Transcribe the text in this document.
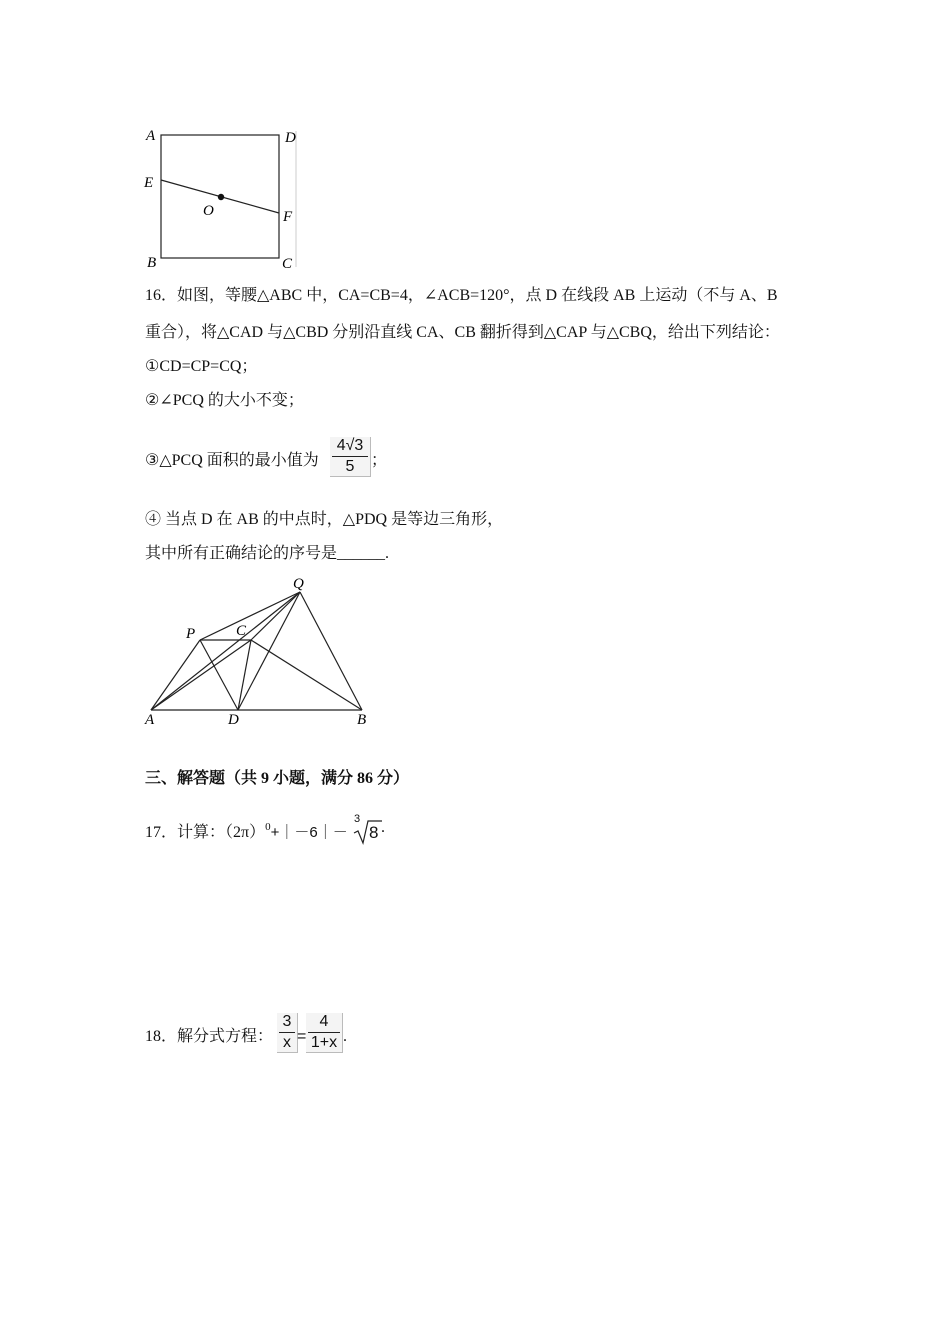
A	D
E
O	F
B	C
16．如图，等腰△ABC 中，CA=CB=4，∠ACB=120°，点 D 在线段 AB 上运动（不与 A、B
重合），将△CAD 与△CBD 分别沿直线 CA、CB 翻折得到△CAP 与△CBQ，给出下列结论：
①CD=CP=CQ；
②∠PCQ 的大小不变；
③△PCQ 面积的最小值为
4√3
5	；
④ 当点 D 在 AB 的中点时，△PDQ 是等边三角形，
其中所有正确结论的序号是______.
Q
P	C
A	D	B
三、解答题（共 9 小题，满分 86 分）
17．计算：$(2\pi)^0+|-6|-$
3
8 .
18．解分式方程：
3
x =
4
1+x .
